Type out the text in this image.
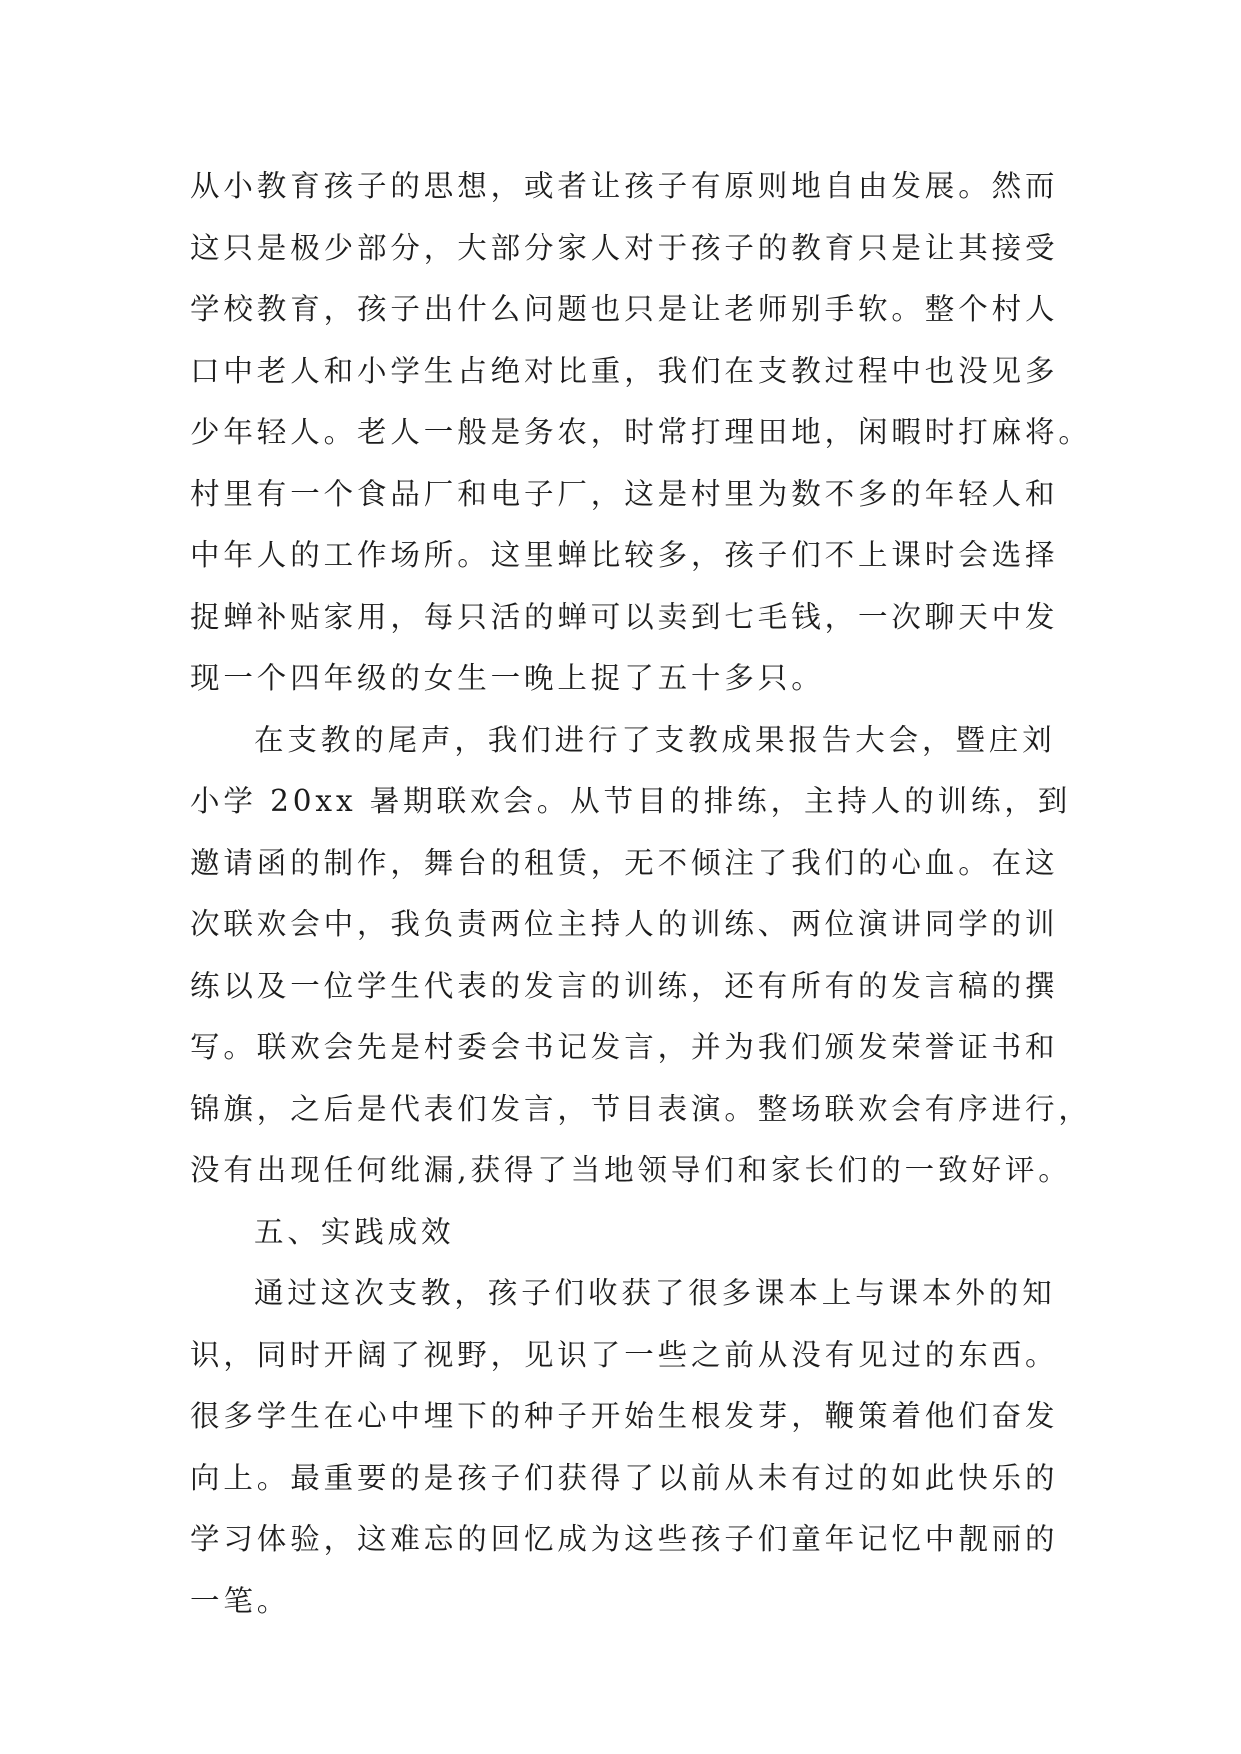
从小教育孩子的思想，或者让孩子有原则地自由发展。然而
这只是极少部分，大部分家人对于孩子的教育只是让其接受
学校教育，孩子出什么问题也只是让老师别手软。整个村人
口中老人和小学生占绝对比重，我们在支教过程中也没见多
少年轻人。老人一般是务农，时常打理田地，闲暇时打麻将。
村里有一个食品厂和电子厂，这是村里为数不多的年轻人和
中年人的工作场所。这里蝉比较多，孩子们不上课时会选择
捉蝉补贴家用，每只活的蝉可以卖到七毛钱，一次聊天中发
现一个四年级的女生一晚上捉了五十多只。
在支教的尾声，我们进行了支教成果报告大会，暨庄刘
小学 20xx 暑期联欢会。从节目的排练，主持人的训练，到
邀请函的制作，舞台的租赁，无不倾注了我们的心血。在这
次联欢会中，我负责两位主持人的训练、两位演讲同学的训
练以及一位学生代表的发言的训练，还有所有的发言稿的撰
写。联欢会先是村委会书记发言，并为我们颁发荣誉证书和
锦旗，之后是代表们发言，节目表演。整场联欢会有序进行，
没有出现任何纰漏,获得了当地领导们和家长们的一致好评。
五、实践成效
通过这次支教，孩子们收获了很多课本上与课本外的知
识，同时开阔了视野，见识了一些之前从没有见过的东西。
很多学生在心中埋下的种子开始生根发芽，鞭策着他们奋发
向上。最重要的是孩子们获得了以前从未有过的如此快乐的
学习体验，这难忘的回忆成为这些孩子们童年记忆中靓丽的
一笔。
